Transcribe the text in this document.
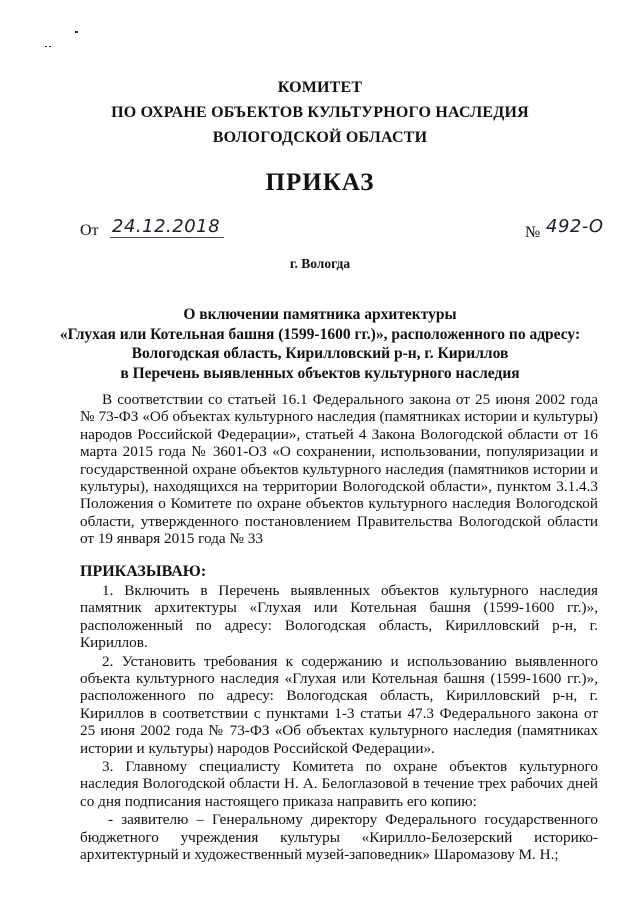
КОМИТЕТ
ПО ОХРАНЕ ОБЪЕКТОВ КУЛЬТУРНОГО НАСЛЕДИЯ
ВОЛОГОДСКОЙ ОБЛАСТИ
ПРИКАЗ
От 24.12.2018	№ 492-О
г. Вологда
О включении памятника архитектуры
«Глухая или Котельная башня (1599-1600 гг.)», расположенного по адресу:
Вологодская область, Кирилловский р-н, г. Кириллов
в Перечень выявленных объектов культурного наследия

В соответствии со статьей 16.1 Федерального закона от 25 июня 2002 года № 73-ФЗ «Об объектах культурного наследия (памятниках истории и культуры) народов Российской Федерации», статьей 4 Закона Вологодской области от 16 марта 2015 года № 3601-ОЗ «О сохранении, использовании, популяризации и государственной охране объектов культурного наследия (памятников истории и культуры), находящихся на территории Вологодской области», пунктом 3.1.4.3 Положения о Комитете по охране объектов культурного наследия Вологодской области, утвержденного постановлением Правительства Вологодской области от 19 января 2015 года № 33

ПРИКАЗЫВАЮ:

1. Включить в Перечень выявленных объектов культурного наследия памятник архитектуры «Глухая или Котельная башня (1599-1600 гг.)», расположенный по адресу: Вологодская область, Кирилловский р-н, г. Кириллов.

2. Установить требования к содержанию и использованию выявленного объекта культурного наследия «Глухая или Котельная башня (1599-1600 гг.)», расположенного по адресу: Вологодская область, Кирилловский р-н, г. Кириллов в соответствии с пунктами 1-3 статьи 47.3 Федерального закона от 25 июня 2002 года № 73-ФЗ «Об объектах культурного наследия (памятниках истории и культуры) народов Российской Федерации».

3. Главному специалисту Комитета по охране объектов культурного наследия Вологодской области Н. А. Белоглазовой в течение трех рабочих дней со дня подписания настоящего приказа направить его копию:

- заявителю – Генеральному директору Федерального государственного бюджетного учреждения культуры «Кирилло-Белозерский историко-архитектурный и художественный музей-заповедник» Шаромазову М. Н.;
